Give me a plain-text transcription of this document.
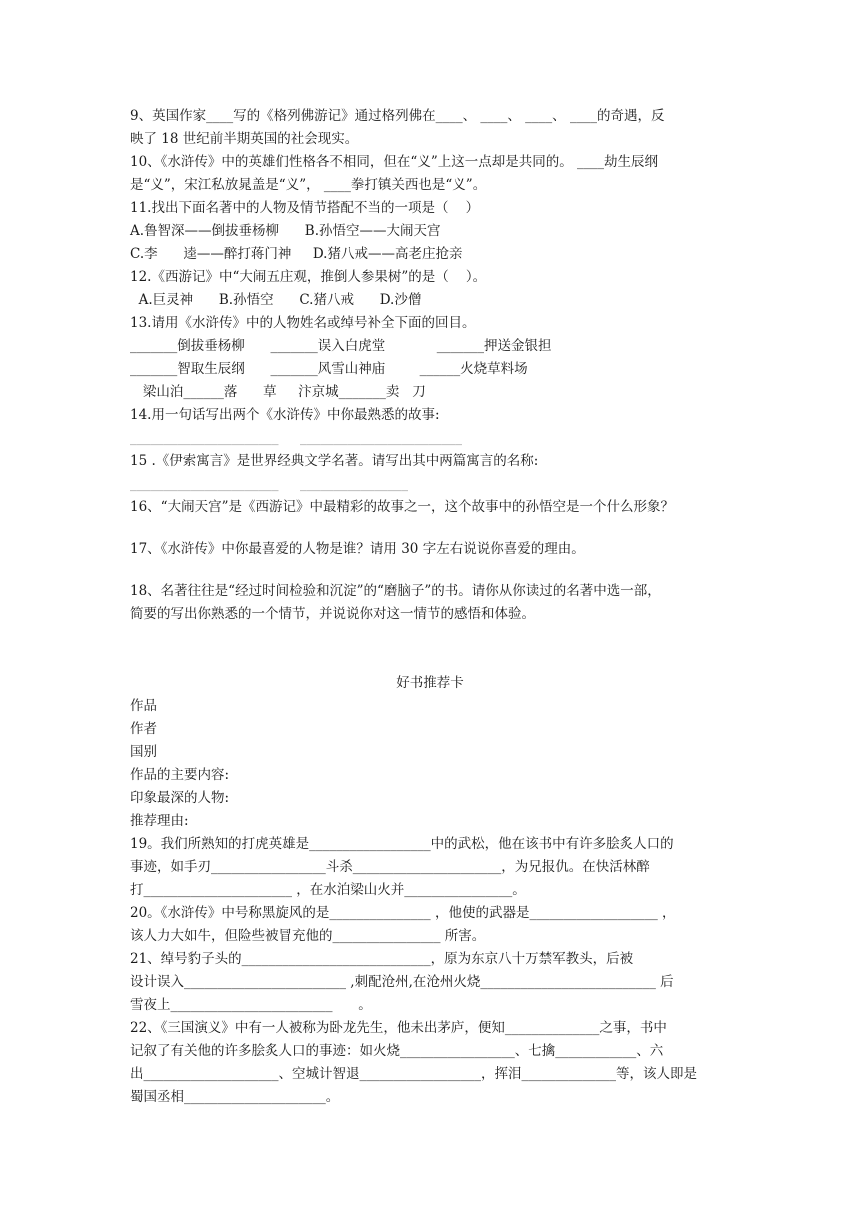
9、英国作家____写的《格列佛游记》通过格列佛在____、 ____、 ____、 ____的奇遇，反
映了 18 世纪前半期英国的社会现实。
10、《水浒传》中的英雄们性格各不相同，但在“义”上这一点却是共同的。 ____劫生辰纲
是“义”，宋江私放晁盖是“义”， ____拳打镇关西也是“义”。
11.找出下面名著中的人物及情节搭配不当的一项是（    ）
A.鲁智深——倒拔垂杨柳      B.孙悟空——大闹天宫
C.李      逵——醉打蒋门神     D.猪八戒——高老庄抢亲
12.《西游记》中“大闹五庄观，推倒人参果树”的是（    ）。
A.巨灵神      B.孙悟空      C.猪八戒      D.沙僧
13.请用《水浒传》中的人物姓名或绰号补全下面的回目。
_______倒拔垂杨柳      _______误入白虎堂            _______押送金银担
_______智取生辰纲      _______风雪山神庙        ______火烧草料场
梁山泊______落      草     汴京城_______卖   刀
14.用一句话写出两个《水浒传》中你最熟悉的故事:
______________________     ________________________
15 .《伊索寓言》是世界经典文学名著。请写出其中两篇寓言的名称:
______________________     ________________
16、“大闹天宫”是《西游记》中最精彩的故事之一，这个故事中的孙悟空是一个什么形象？
17、《水浒传》中你最喜爱的人物是谁？请用 30 字左右说说你喜爱的理由。
18、名著往往是“经过时间检验和沉淀”的“磨脑子”的书。请你从你读过的名著中选一部，
简要的写出你熟悉的一个情节，并说说你对这一情节的感悟和体验。
好书推荐卡
作品
作者
国别
作品的主要内容:
印象最深的人物:
推荐理由:
19。我们所熟知的打虎英雄是__________________中的武松，他在该书中有许多脍炙人口的
事迹，如手刃_________________斗杀______________________，为兄报仇。在快活林醉
打______________________ ，在水泊梁山火并________________。
20。《水浒传》中号称黑旋风的是_______________ ，他使的武器是___________________ ，
该人力大如牛，但险些被冒充他的________________ 所害。
21、绰号豹子头的____________________________，原为东京八十万禁军教头，后被
设计误入________________________ ,刺配沧州,在沧州火烧__________________________ 后
雪夜上________________________      。
22、《三国演义》中有一人被称为卧龙先生，他未出茅庐，便知______________之事，书中
记叙了有关他的许多脍炙人口的事迹：如火烧_________________、七擒____________、六
出____________________、空城计智退__________________，挥泪______________等，该人即是
蜀国丞相_____________________。
